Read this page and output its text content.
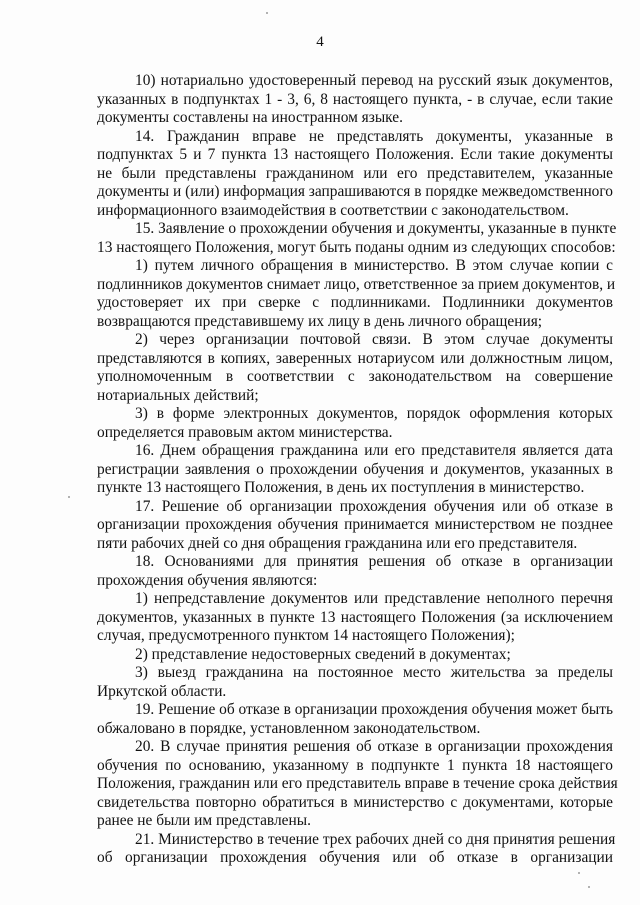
4
10) нотариально удостоверенный перевод на русский язык документов,
указанных в подпунктах 1 - 3, 6, 8 настоящего пункта, - в случае, если такие
документы составлены на иностранном языке.
14. Гражданин вправе не представлять документы, указанные в
подпунктах 5 и 7 пункта 13 настоящего Положения. Если такие документы
не были представлены гражданином или его представителем, указанные
документы и (или) информация запрашиваются в порядке межведомственного
информационного взаимодействия в соответствии с законодательством.
15. Заявление о прохождении обучения и документы, указанные в пункте
13 настоящего Положения, могут быть поданы одним из следующих способов:
1) путем личного обращения в министерство. В этом случае копии с
подлинников документов снимает лицо, ответственное за прием документов, и
удостоверяет их при сверке с подлинниками. Подлинники документов
возвращаются представившему их лицу в день личного обращения;
2) через организации почтовой связи. В этом случае документы
представляются в копиях, заверенных нотариусом или должностным лицом,
уполномоченным в соответствии с законодательством на совершение
нотариальных действий;
3) в форме электронных документов, порядок оформления которых
определяется правовым актом министерства.
16. Днем обращения гражданина или его представителя является дата
регистрации заявления о прохождении обучения и документов, указанных в
пункте 13 настоящего Положения, в день их поступления в министерство.
17. Решение об организации прохождения обучения или об отказе в
организации прохождения обучения принимается министерством не позднее
пяти рабочих дней со дня обращения гражданина или его представителя.
18. Основаниями для принятия решения об отказе в организации
прохождения обучения являются:
1) непредставление документов или представление неполного перечня
документов, указанных в пункте 13 настоящего Положения (за исключением
случая, предусмотренного пунктом 14 настоящего Положения);
2) представление недостоверных сведений в документах;
3) выезд гражданина на постоянное место жительства за пределы
Иркутской области.
19. Решение об отказе в организации прохождения обучения может быть
обжаловано в порядке, установленном законодательством.
20. В случае принятия решения об отказе в организации прохождения
обучения по основанию, указанному в подпункте 1 пункта 18 настоящего
Положения, гражданин или его представитель вправе в течение срока действия
свидетельства повторно обратиться в министерство с документами, которые
ранее не были им представлены.
21. Министерство в течение трех рабочих дней со дня принятия решения
об организации прохождения обучения или об отказе в организации
